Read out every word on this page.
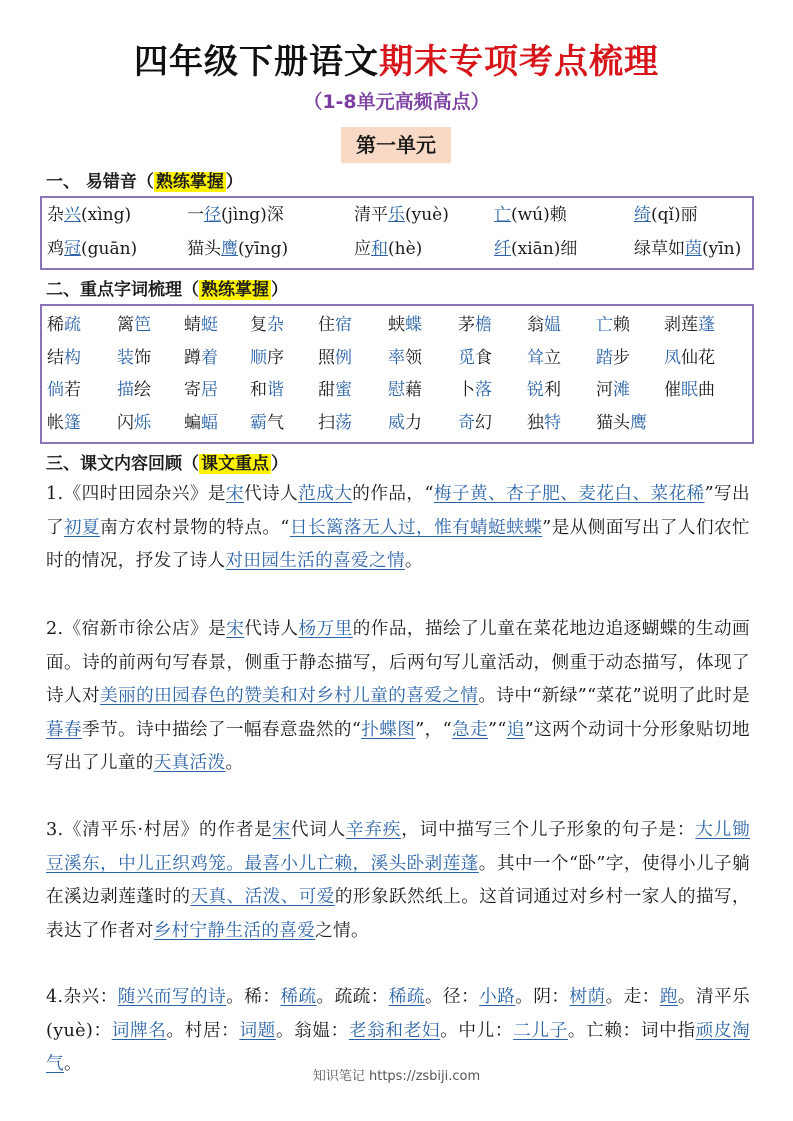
四年级下册语文期末专项考点梳理
（1-8单元高频高点）
第一单元
一、 易错音（ 熟练掌握 ）
杂兴(xìng)	一径(jìng)深	清平乐(yuè)	亡(wú)赖	绮(qǐ)丽
鸡冠(guān)	猫头鹰(yīng)	应和(hè)	纤(xiān)细	绿草如茵(yīn)
二、重点字词梳理（ 熟练掌握 ）
稀疏 篱笆 蜻蜓 复杂 住宿 蛱蝶 茅檐 翁媪 亡赖 剥莲蓬
结构 装饰 蹲着 顺序 照例 率领 觅食 耸立 踏步 凤仙花
倘若 描绘 寄居 和谐 甜蜜 慰藉 卜落 锐利 河滩 催眠曲
帐篷 闪烁 蝙蝠 霸气 扫荡 威力 奇幻 独特 猫头鹰
三、课文内容回顾（ 课文重点 ）

1.《四时田园杂兴》是宋代诗人范成大的作品，“梅子黄、杏子肥、麦花白、菜花稀”写出了初夏南方农村景物的特点。“日长篱落无人过，惟有蜻蜓蛱蝶”是从侧面写出了人们农忙时的情况，抒发了诗人对田园生活的喜爱之情。

2.《宿新市徐公店》是宋代诗人杨万里的作品，描绘了儿童在菜花地边追逐蝴蝶的生动画面。诗的前两句写春景，侧重于静态描写，后两句写儿童活动，侧重于动态描写，体现了诗人对美丽的田园春色的赞美和对乡村儿童的喜爱之情。诗中“新绿”“菜花”说明了此时是暮春季节。诗中描绘了一幅春意盎然的“扑蝶图”，“急走”“追”这两个动词十分形象贴切地写出了儿童的天真活泼。

3.《清平乐·村居》的作者是宋代词人辛弃疾，词中描写三个儿子形象的句子是：大儿锄豆溪东，中儿正织鸡笼。最喜小儿亡赖，溪头卧剥莲蓬。其中一个“卧”字，使得小儿子躺在溪边剥莲蓬时的天真、活泼、可爱的形象跃然纸上。这首词通过对乡村一家人的描写，表达了作者对乡村宁静生活的喜爱之情。

4.杂兴：随兴而写的诗。稀：稀疏。疏疏：稀疏。径：小路。阴：树荫。走：跑。清平乐(yuè)：词牌名。村居：词题。翁媪：老翁和老妇。中儿：二儿子。亡赖：词中指顽皮淘气。

知识笔记 https://zsbiji.com
